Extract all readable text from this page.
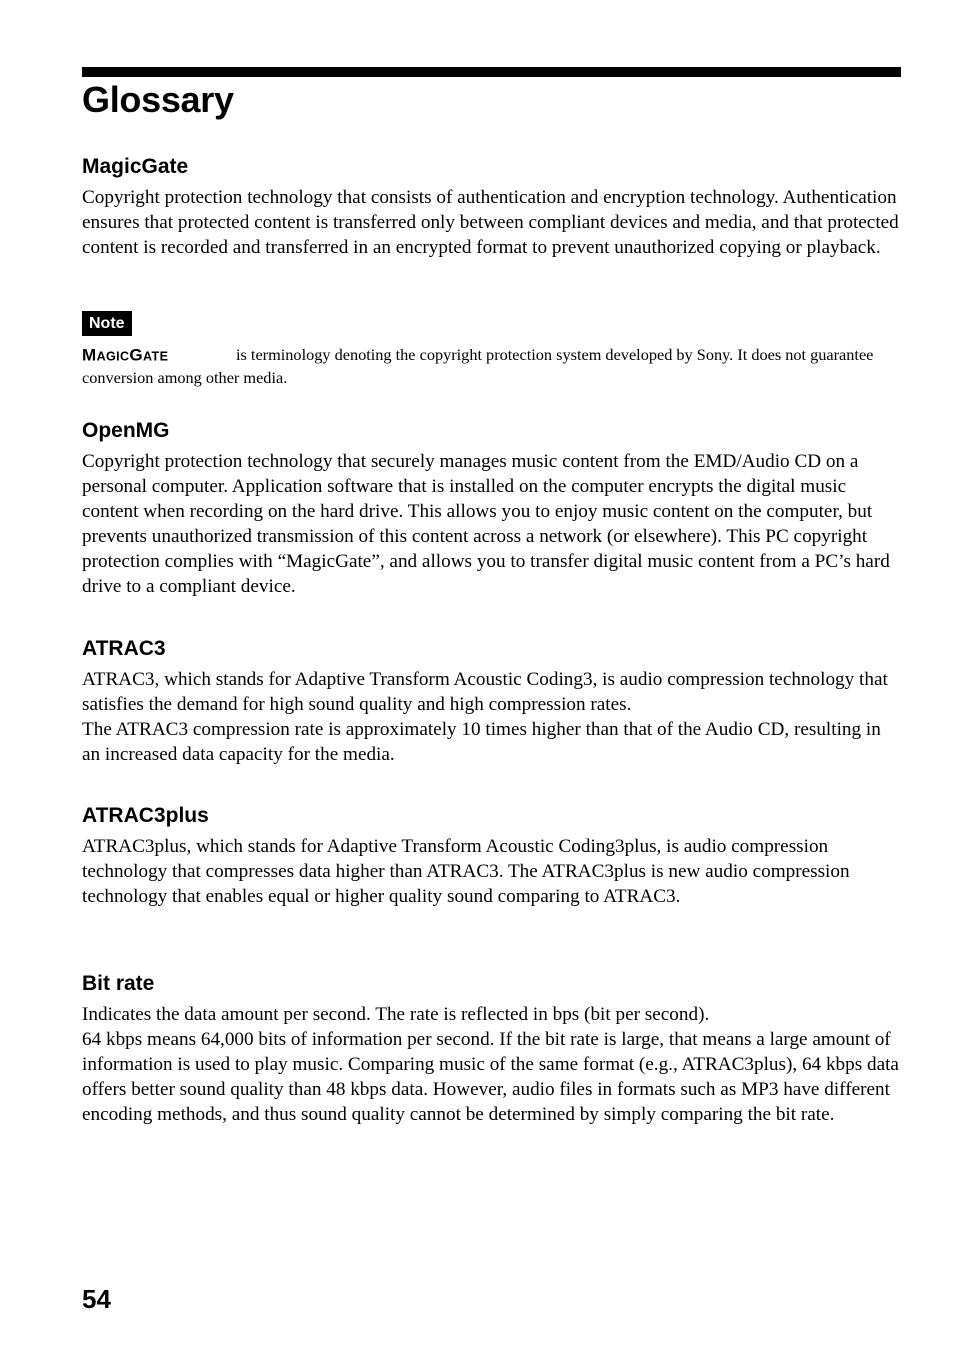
Glossary
MagicGate

Copyright protection technology that consists of authentication and encryption technology. Authentication ensures that protected content is transferred only between compliant devices and media, and that protected content is recorded and transferred in an encrypted format to prevent unauthorized copying or playback.

Note

MAGICGATE	is terminology denoting the copyright protection system developed by Sony. It does not guarantee conversion among other media.

OpenMG

Copyright protection technology that securely manages music content from the EMD/Audio CD on a personal computer. Application software that is installed on the computer encrypts the digital music content when recording on the hard drive. This allows you to enjoy music content on the computer, but prevents unauthorized transmission of this content across a network (or elsewhere). This PC copyright protection complies with “MagicGate”, and allows you to transfer digital music content from a PC’s hard drive to a compliant device.

ATRAC3

ATRAC3, which stands for Adaptive Transform Acoustic Coding3, is audio compression technology that satisfies the demand for high sound quality and high compression rates.

The ATRAC3 compression rate is approximately 10 times higher than that of the Audio CD, resulting in an increased data capacity for the media.

ATRAC3plus

ATRAC3plus, which stands for Adaptive Transform Acoustic Coding3plus, is audio compression technology that compresses data higher than ATRAC3. The ATRAC3plus is new audio compression technology that enables equal or higher quality sound comparing to ATRAC3.

Bit rate

Indicates the data amount per second. The rate is reflected in bps (bit per second).

64 kbps means 64,000 bits of information per second. If the bit rate is large, that means a large amount of information is used to play music. Comparing music of the same format (e.g., ATRAC3plus), 64 kbps data offers better sound quality than 48 kbps data. However, audio files in formats such as MP3 have different encoding methods, and thus sound quality cannot be determined by simply comparing the bit rate.

54
